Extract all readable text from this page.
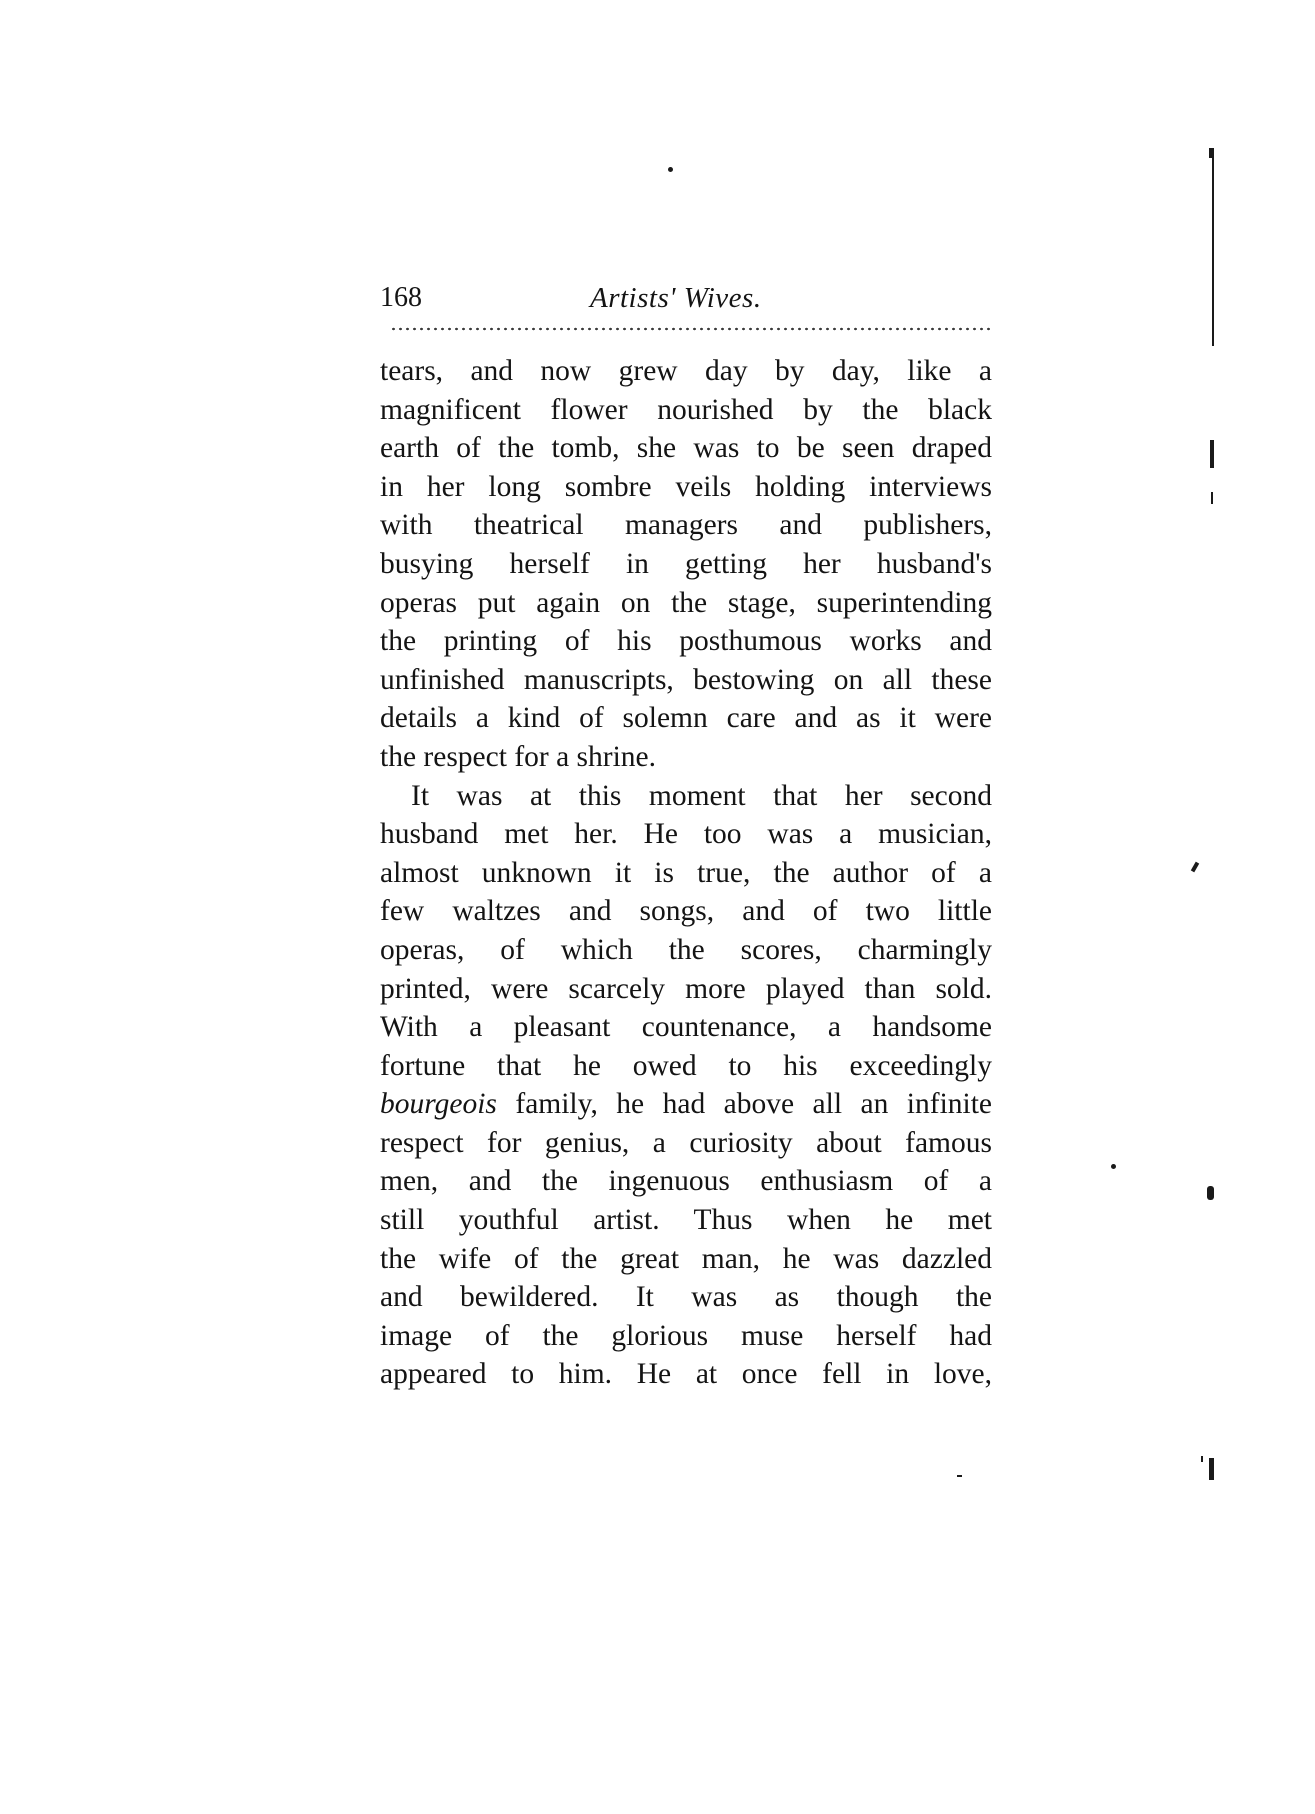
168	Artists' Wives.
tears, and now grew day by day, like a
magnificent flower nourished by the black
earth of the tomb, she was to be seen draped
in her long sombre veils holding interviews
with theatrical managers and publishers,
busying herself in getting her husband's
operas put again on the stage, superintending
the printing of his posthumous works and
unfinished manuscripts, bestowing on all these
details a kind of solemn care and as it were
the respect for a shrine.
It was at this moment that her second
husband met her. He too was a musician,
almost unknown it is true, the author of a
few waltzes and songs, and of two little
operas, of which the scores, charmingly
printed, were scarcely more played than sold.
With a pleasant countenance, a handsome
fortune that he owed to his exceedingly
bourgeois family, he had above all an infinite
respect for genius, a curiosity about famous
men, and the ingenuous enthusiasm of a
still youthful artist. Thus when he met
the wife of the great man, he was dazzled
and bewildered. It was as though the
image of the glorious muse herself had
appeared to him. He at once fell in love,
